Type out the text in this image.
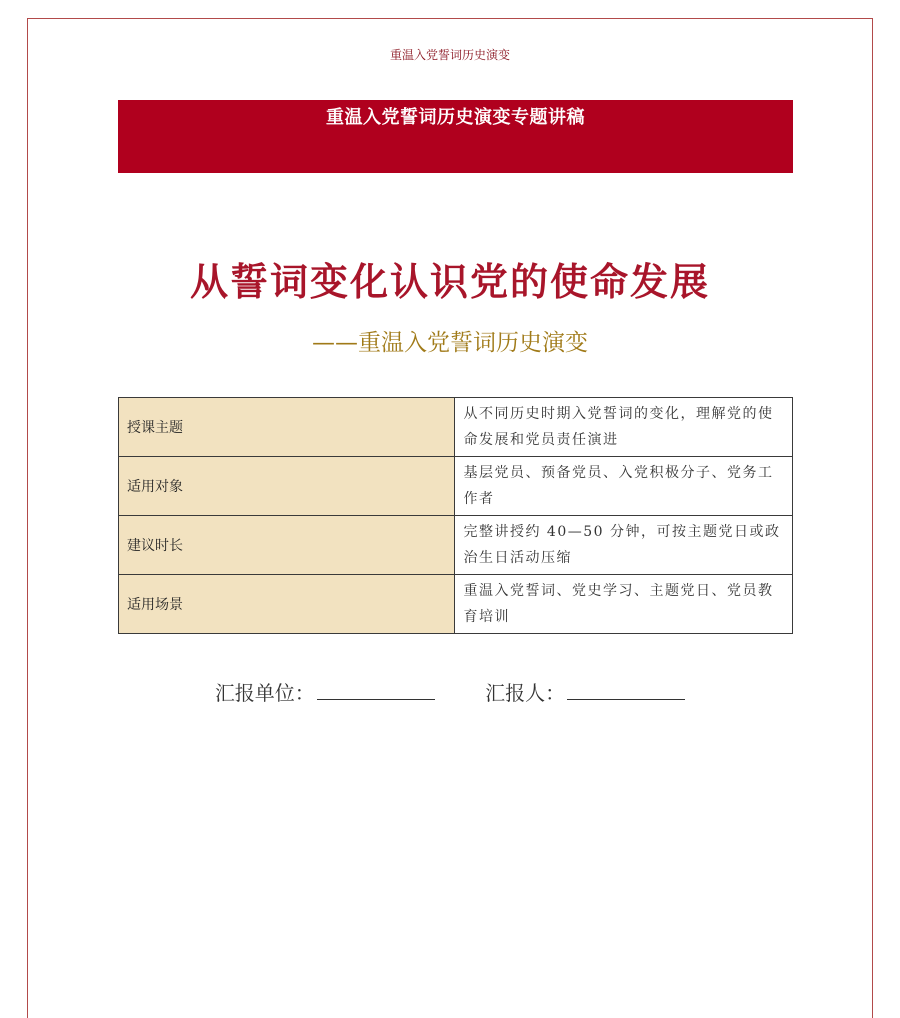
重温入党誓词历史演变
重温入党誓词历史演变专题讲稿
从誓词变化认识党的使命发展
——重温入党誓词历史演变
授课主题	从不同历史时期入党誓词的变化，理解党的使命发展和党员责任演进
适用对象	基层党员、预备党员、入党积极分子、党务工作者
建议时长	完整讲授约 40—50 分钟，可按主题党日或政治生日活动压缩
适用场景	重温入党誓词、党史学习、主题党日、党员教育培训
汇报单位：	汇报人：
